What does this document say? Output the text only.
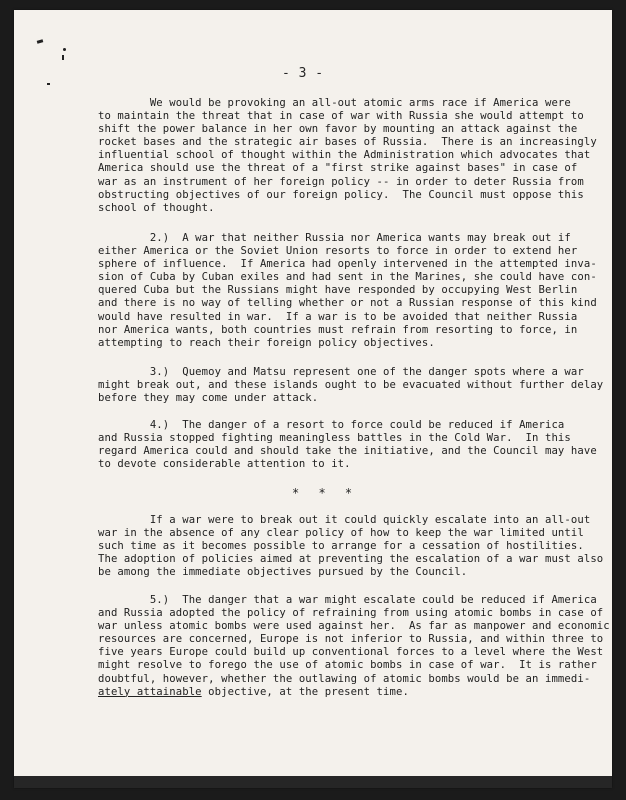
- 3 -
We would be provoking an all-out atomic arms race if America were
to maintain the threat that in case of war with Russia she would attempt to
shift the power balance in her own favor by mounting an attack against the
rocket bases and the strategic air bases of Russia.  There is an increasingly
influential school of thought within the Administration which advocates that
America should use the threat of a "first strike against bases" in case of
war as an instrument of her foreign policy -- in order to deter Russia from
obstructing objectives of our foreign policy.  The Council must oppose this
school of thought.
2.)  A war that neither Russia nor America wants may break out if
either America or the Soviet Union resorts to force in order to extend her
sphere of influence.  If America had openly intervened in the attempted inva-
sion of Cuba by Cuban exiles and had sent in the Marines, she could have con-
quered Cuba but the Russians might have responded by occupying West Berlin
and there is no way of telling whether or not a Russian response of this kind
would have resulted in war.  If a war is to be avoided that neither Russia
nor America wants, both countries must refrain from resorting to force, in
attempting to reach their foreign policy objectives.
3.)  Quemoy and Matsu represent one of the danger spots where a war
might break out, and these islands ought to be evacuated without further delay
before they may come under attack.
4.)  The danger of a resort to force could be reduced if America
and Russia stopped fighting meaningless battles in the Cold War.  In this
regard America could and should take the initiative, and the Council may have
to devote considerable attention to it.
* * *
If a war were to break out it could quickly escalate into an all-out
war in the absence of any clear policy of how to keep the war limited until
such time as it becomes possible to arrange for a cessation of hostilities.
The adoption of policies aimed at preventing the escalation of a war must also
be among the immediate objectives pursued by the Council.
5.)  The danger that a war might escalate could be reduced if America
and Russia adopted the policy of refraining from using atomic bombs in case of
war unless atomic bombs were used against her.  As far as manpower and economic
resources are concerned, Europe is not inferior to Russia, and within three to
five years Europe could build up conventional forces to a level where the West
might resolve to forego the use of atomic bombs in case of war.  It is rather
doubtful, however, whether the outlawing of atomic bombs would be an immedi-
ately attainable objective, at the present time.
